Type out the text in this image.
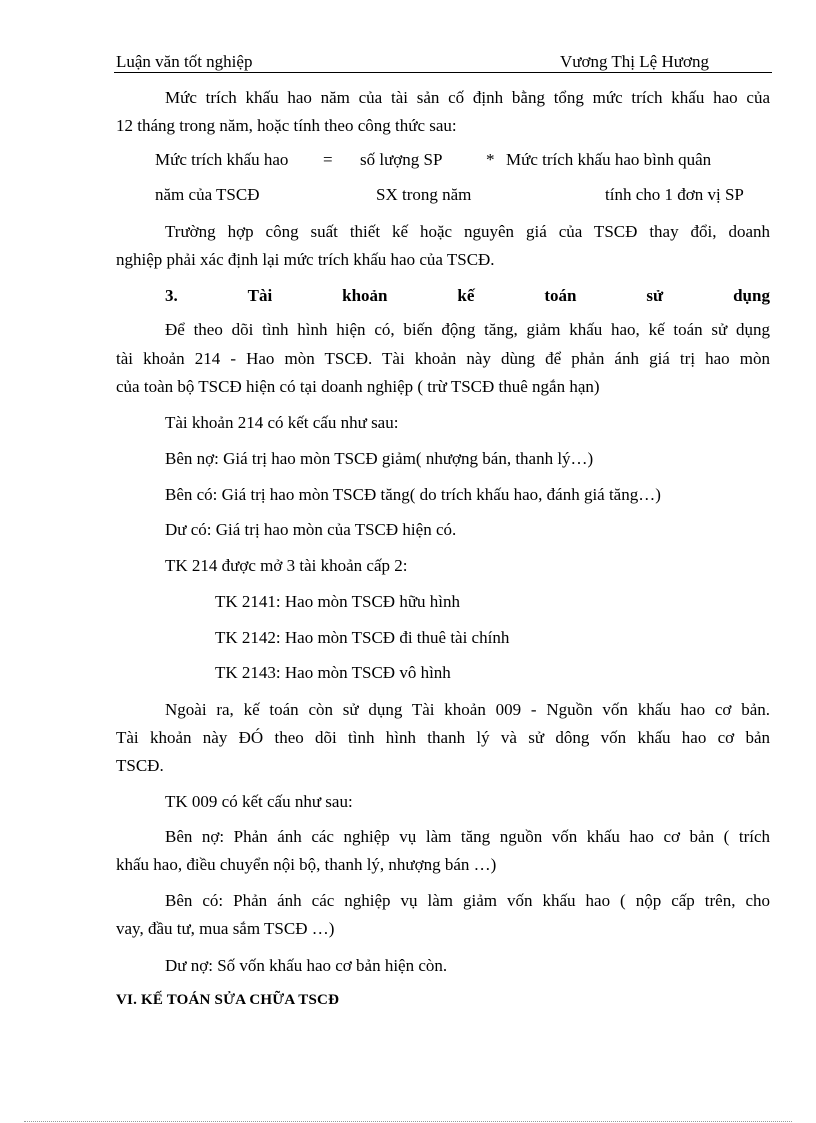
Luận văn tốt nghiệp	Vương Thị Lệ Hương
Mức trích khấu hao năm của tài sản cố định bằng tổng mức trích khấu hao của
12 tháng trong năm, hoặc tính theo công thức sau:
Mức trích khấu hao = số lượng SP	* Mức trích khấu hao bình quân
năm của TSCĐ	SX trong năm	tính cho 1 đơn vị SP
Trường hợp công suất thiết kế hoặc nguyên giá của TSCĐ thay đổi, doanh
nghiệp phải xác định lại mức trích khấu hao của TSCĐ.
3.	Tài	khoản	kế	toán	sử	dụng
Để theo dõi tình hình hiện có, biến động tăng, giảm khấu hao, kế toán sử dụng
tài khoản 214 - Hao mòn TSCĐ. Tài khoản này dùng để phản ánh giá trị hao mòn
của toàn bộ TSCĐ hiện có tại doanh nghiệp ( trừ TSCĐ thuê ngắn hạn)
Tài khoản 214 có kết cấu như sau:
Bên nợ: Giá trị hao mòn TSCĐ giảm( nhượng bán, thanh lý…)
Bên có: Giá trị hao mòn TSCĐ tăng( do trích khấu hao, đánh giá tăng…)
Dư có: Giá trị hao mòn của TSCĐ hiện có.
TK 214 được mở 3 tài khoản cấp 2:
TK 2141: Hao mòn TSCĐ hữu hình
TK 2142: Hao mòn TSCĐ đi thuê tài chính
TK 2143: Hao mòn TSCĐ vô hình
Ngoài ra, kế toán còn sử dụng Tài khoản 009 - Nguồn vốn khấu hao cơ bản.
Tài khoản này ĐÓ theo dõi tình hình thanh lý và sử dông vốn khấu hao cơ bản
TSCĐ.
TK 009 có kết cấu như sau:
Bên nợ: Phản ánh các nghiệp vụ làm tăng nguồn vốn khấu hao cơ bản ( trích
khấu hao, điều chuyển nội bộ, thanh lý, nhượng bán …)
Bên có: Phản ánh các nghiệp vụ làm giảm vốn khấu hao ( nộp cấp trên, cho
vay, đầu tư, mua sắm TSCĐ …)
Dư nợ: Số vốn khấu hao cơ bản hiện còn.
VI. KẾ TOÁN SỬA CHỮA TSCĐ
